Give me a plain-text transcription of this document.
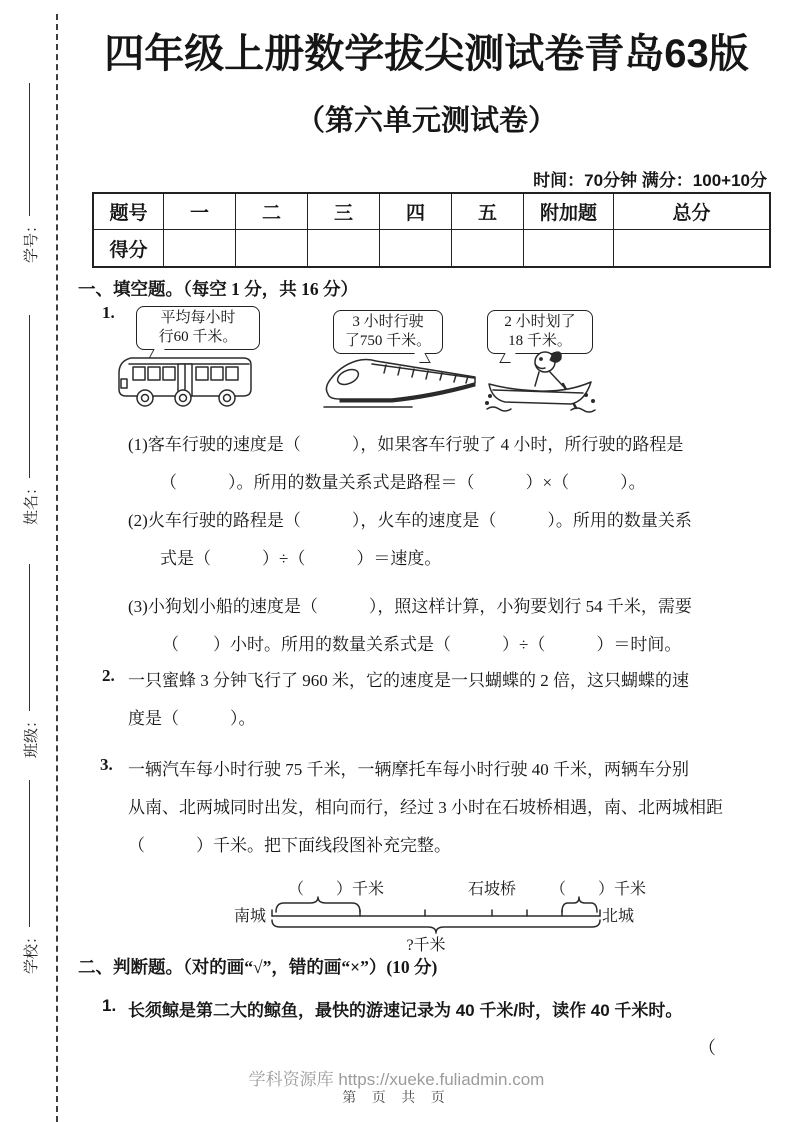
学号：
姓名：
班级：
学校：
四年级上册数学拔尖测试卷青岛63版
（第六单元测试卷）
时间：70分钟 满分：100+10分
题号	一	二	三	四	五	附加题	总分
得分
一、填空题。（每空 1 分，共 16 分）
1.	平均每小时
行60 千米。
3 小时行驶
了750 千米。
2 小时划了
18 千米。
(1)客车行驶的速度是（　　　），如果客车行驶了 4 小时，所行驶的路程是
（　　　）。所用的数量关系式是路程＝（　　　）×（　　　）。
(2)火车行驶的路程是（　　　），火车的速度是（　　　）。所用的数量关系
式是（　　　）÷（　　　）＝速度。
(3)小狗划小船的速度是（　　　），照这样计算，小狗要划行 54 千米，需要
（　　）小时。所用的数量关系式是（　　　）÷（　　　）＝时间。
2. 一只蜜蜂 3 分钟飞行了 960 米，它的速度是一只蝴蝶的 2 倍，这只蝴蝶的速
度是（　　　）。
3. 一辆汽车每小时行驶 75 千米，一辆摩托车每小时行驶 40 千米，两辆车分别
从南、北两城同时出发，相向而行，经过 3 小时在石坡桥相遇，南、北两城相距
（　　　）千米。把下面线段图补充完整。
南城	北城
（　　）千米	石坡桥 （　　）千米
?千米
二、判断题。（对的画“√”，错的画“×”）(10 分)
1. 长须鲸是第二大的鲸鱼，最快的游速记录为 40 千米/时，读作 40 千米时。
（
学科资源库 https://xueke.fuliadmin.com
第 页 共 页
